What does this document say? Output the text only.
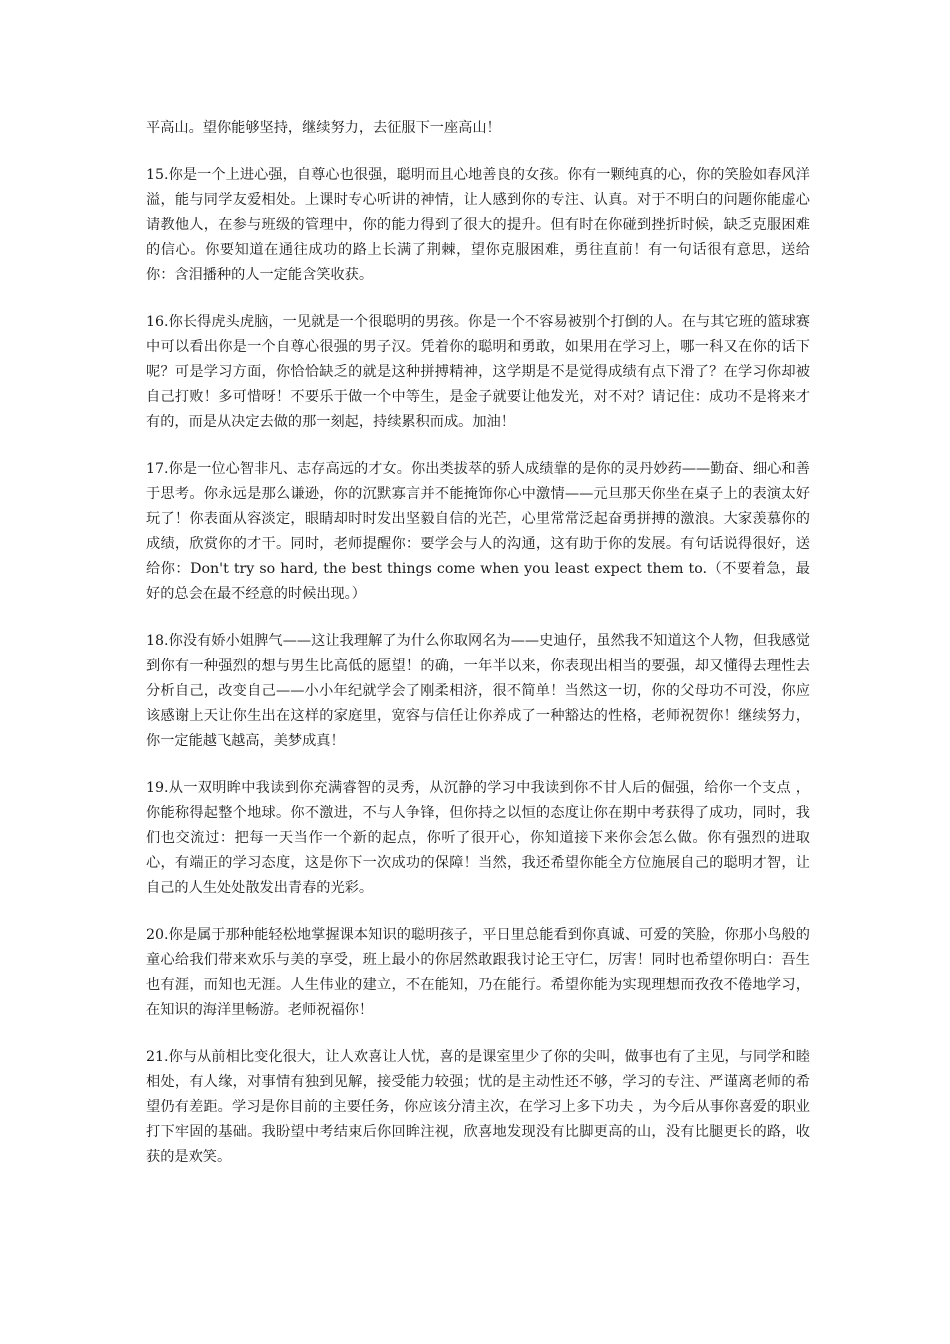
平高山。望你能够坚持，继续努力，去征服下一座高山！

15.你是一个上进心强，自尊心也很强，聪明而且心地善良的女孩。你有一颗纯真的心，你的笑脸如春风洋溢，能与同学友爱相处。上课时专心听讲的神情，让人感到你的专注、认真。对于不明白的问题你能虚心请教他人，在参与班级的管理中，你的能力得到了很大的提升。但有时在你碰到挫折时候，缺乏克服困难的信心。你要知道在通往成功的路上长满了荆棘，望你克服困难，勇往直前！有一句话很有意思，送给你：含泪播种的人一定能含笑收获。

16.你长得虎头虎脑，一见就是一个很聪明的男孩。你是一个不容易被别个打倒的人。在与其它班的篮球赛中可以看出你是一个自尊心很强的男子汉。凭着你的聪明和勇敢，如果用在学习上，哪一科又在你的话下呢？可是学习方面，你恰恰缺乏的就是这种拼搏精神，这学期是不是觉得成绩有点下滑了？在学习你却被自己打败！多可惜呀！不要乐于做一个中等生，是金子就要让他发光，对不对？请记住：成功不是将来才有的，而是从决定去做的那一刻起，持续累积而成。加油！

17.你是一位心智非凡、志存高远的才女。你出类拔萃的骄人成绩靠的是你的灵丹妙药——勤奋、细心和善于思考。你永远是那么谦逊，你的沉默寡言并不能掩饰你心中激情——元旦那天你坐在桌子上的表演太好玩了！你表面从容淡定，眼睛却时时发出坚毅自信的光芒，心里常常泛起奋勇拼搏的激浪。大家羡慕你的成绩，欣赏你的才干。同时，老师提醒你：要学会与人的沟通，这有助于你的发展。有句话说得很好，送给你：Don't try so hard, the best things come when you least expect them to.（不要着急，最好的总会在最不经意的时候出现。）

18.你没有娇小姐脾气——这让我理解了为什么你取网名为——史迪仔，虽然我不知道这个人物，但我感觉到你有一种强烈的想与男生比高低的愿望！的确，一年半以来，你表现出相当的要强，却又懂得去理性去分析自己，改变自己——小小年纪就学会了刚柔相济，很不简单！当然这一切，你的父母功不可没，你应该感谢上天让你生出在这样的家庭里，宽容与信任让你养成了一种豁达的性格，老师祝贺你！继续努力，你一定能越飞越高，美梦成真！

19.从一双明眸中我读到你充满睿智的灵秀，从沉静的学习中我读到你不甘人后的倔强，给你一个支点 ，你能称得起整个地球。你不激进，不与人争锋，但你持之以恒的态度让你在期中考获得了成功，同时，我们也交流过：把每一天当作一个新的起点，你听了很开心，你知道接下来你会怎么做。你有强烈的进取心，有端正的学习态度，这是你下一次成功的保障！当然，我还希望你能全方位施展自己的聪明才智，让自己的人生处处散发出青春的光彩。

20.你是属于那种能轻松地掌握课本知识的聪明孩子，平日里总能看到你真诚、可爱的笑脸，你那小鸟般的童心给我们带来欢乐与美的享受，班上最小的你居然敢跟我讨论王守仁，厉害！同时也希望你明白：吾生也有涯，而知也无涯。人生伟业的建立，不在能知，乃在能行。希望你能为实现理想而孜孜不倦地学习，在知识的海洋里畅游。老师祝福你！

21.你与从前相比变化很大，让人欢喜让人忧，喜的是课室里少了你的尖叫，做事也有了主见，与同学和睦相处，有人缘，对事情有独到见解，接受能力较强；忧的是主动性还不够，学习的专注、严谨离老师的希望仍有差距。学习是你目前的主要任务，你应该分清主次，在学习上多下功夫 ，为今后从事你喜爱的职业打下牢固的基础。我盼望中考结束后你回眸注视，欣喜地发现没有比脚更高的山，没有比腿更长的路，收获的是欢笑。
